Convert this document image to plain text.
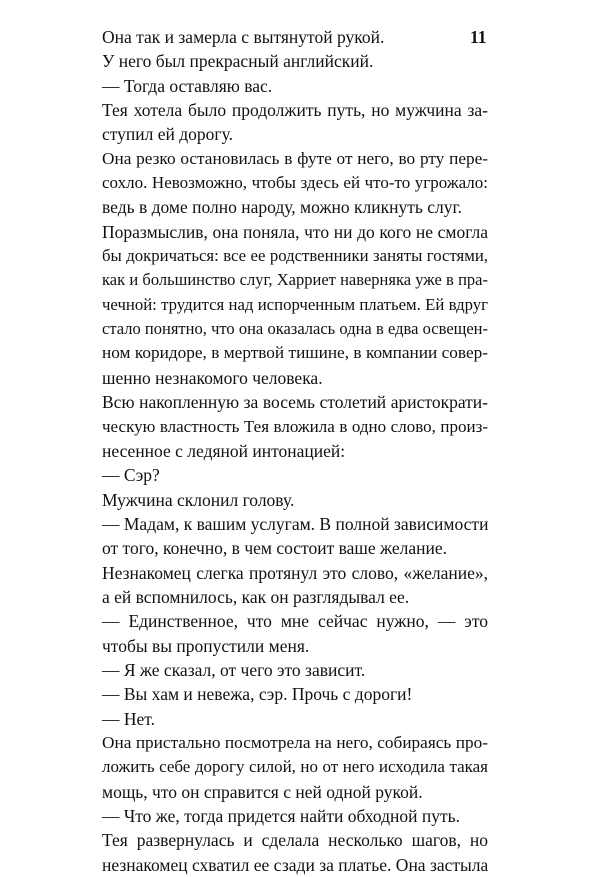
11
Она так и замерла с вытянутой рукой.
У него был прекрасный английский.
— Тогда оставляю вас.
Тея хотела было продолжить путь, но мужчина за-
ступил ей дорогу.
Она резко остановилась в футе от него, во рту пере-
сохло. Невозможно, чтобы здесь ей что-то угрожало:
ведь в доме полно народу, можно кликнуть слуг.
Поразмыслив, она поняла, что ни до кого не смогла
бы докричаться: все ее родственники заняты гостями,
как и большинство слуг, Харриет наверняка уже в пра-
чечной: трудится над испорченным платьем. Ей вдруг
стало понятно, что она оказалась одна в едва освещен-
ном коридоре, в мертвой тишине, в компании совер-
шенно незнакомого человека.
Всю накопленную за восемь столетий аристократи-
ческую властность Тея вложила в одно слово, произ-
несенное с ледяной интонацией:
— Сэр?
Мужчина склонил голову.
— Мадам, к вашим услугам. В полной зависимости
от того, конечно, в чем состоит ваше желание.
Незнакомец слегка протянул это слово, «желание»,
а ей вспомнилось, как он разглядывал ее.
— Единственное, что мне сейчас нужно, — это
чтобы вы пропустили меня.
— Я же сказал, от чего это зависит.
— Вы хам и невежа, сэр. Прочь с дороги!
— Нет.
Она пристально посмотрела на него, собираясь про-
ложить себе дорогу силой, но от него исходила такая
мощь, что он справится с ней одной рукой.
— Что же, тогда придется найти обходной путь.
Тея развернулась и сделала несколько шагов, но
незнакомец схватил ее сзади за платье. Она застыла
